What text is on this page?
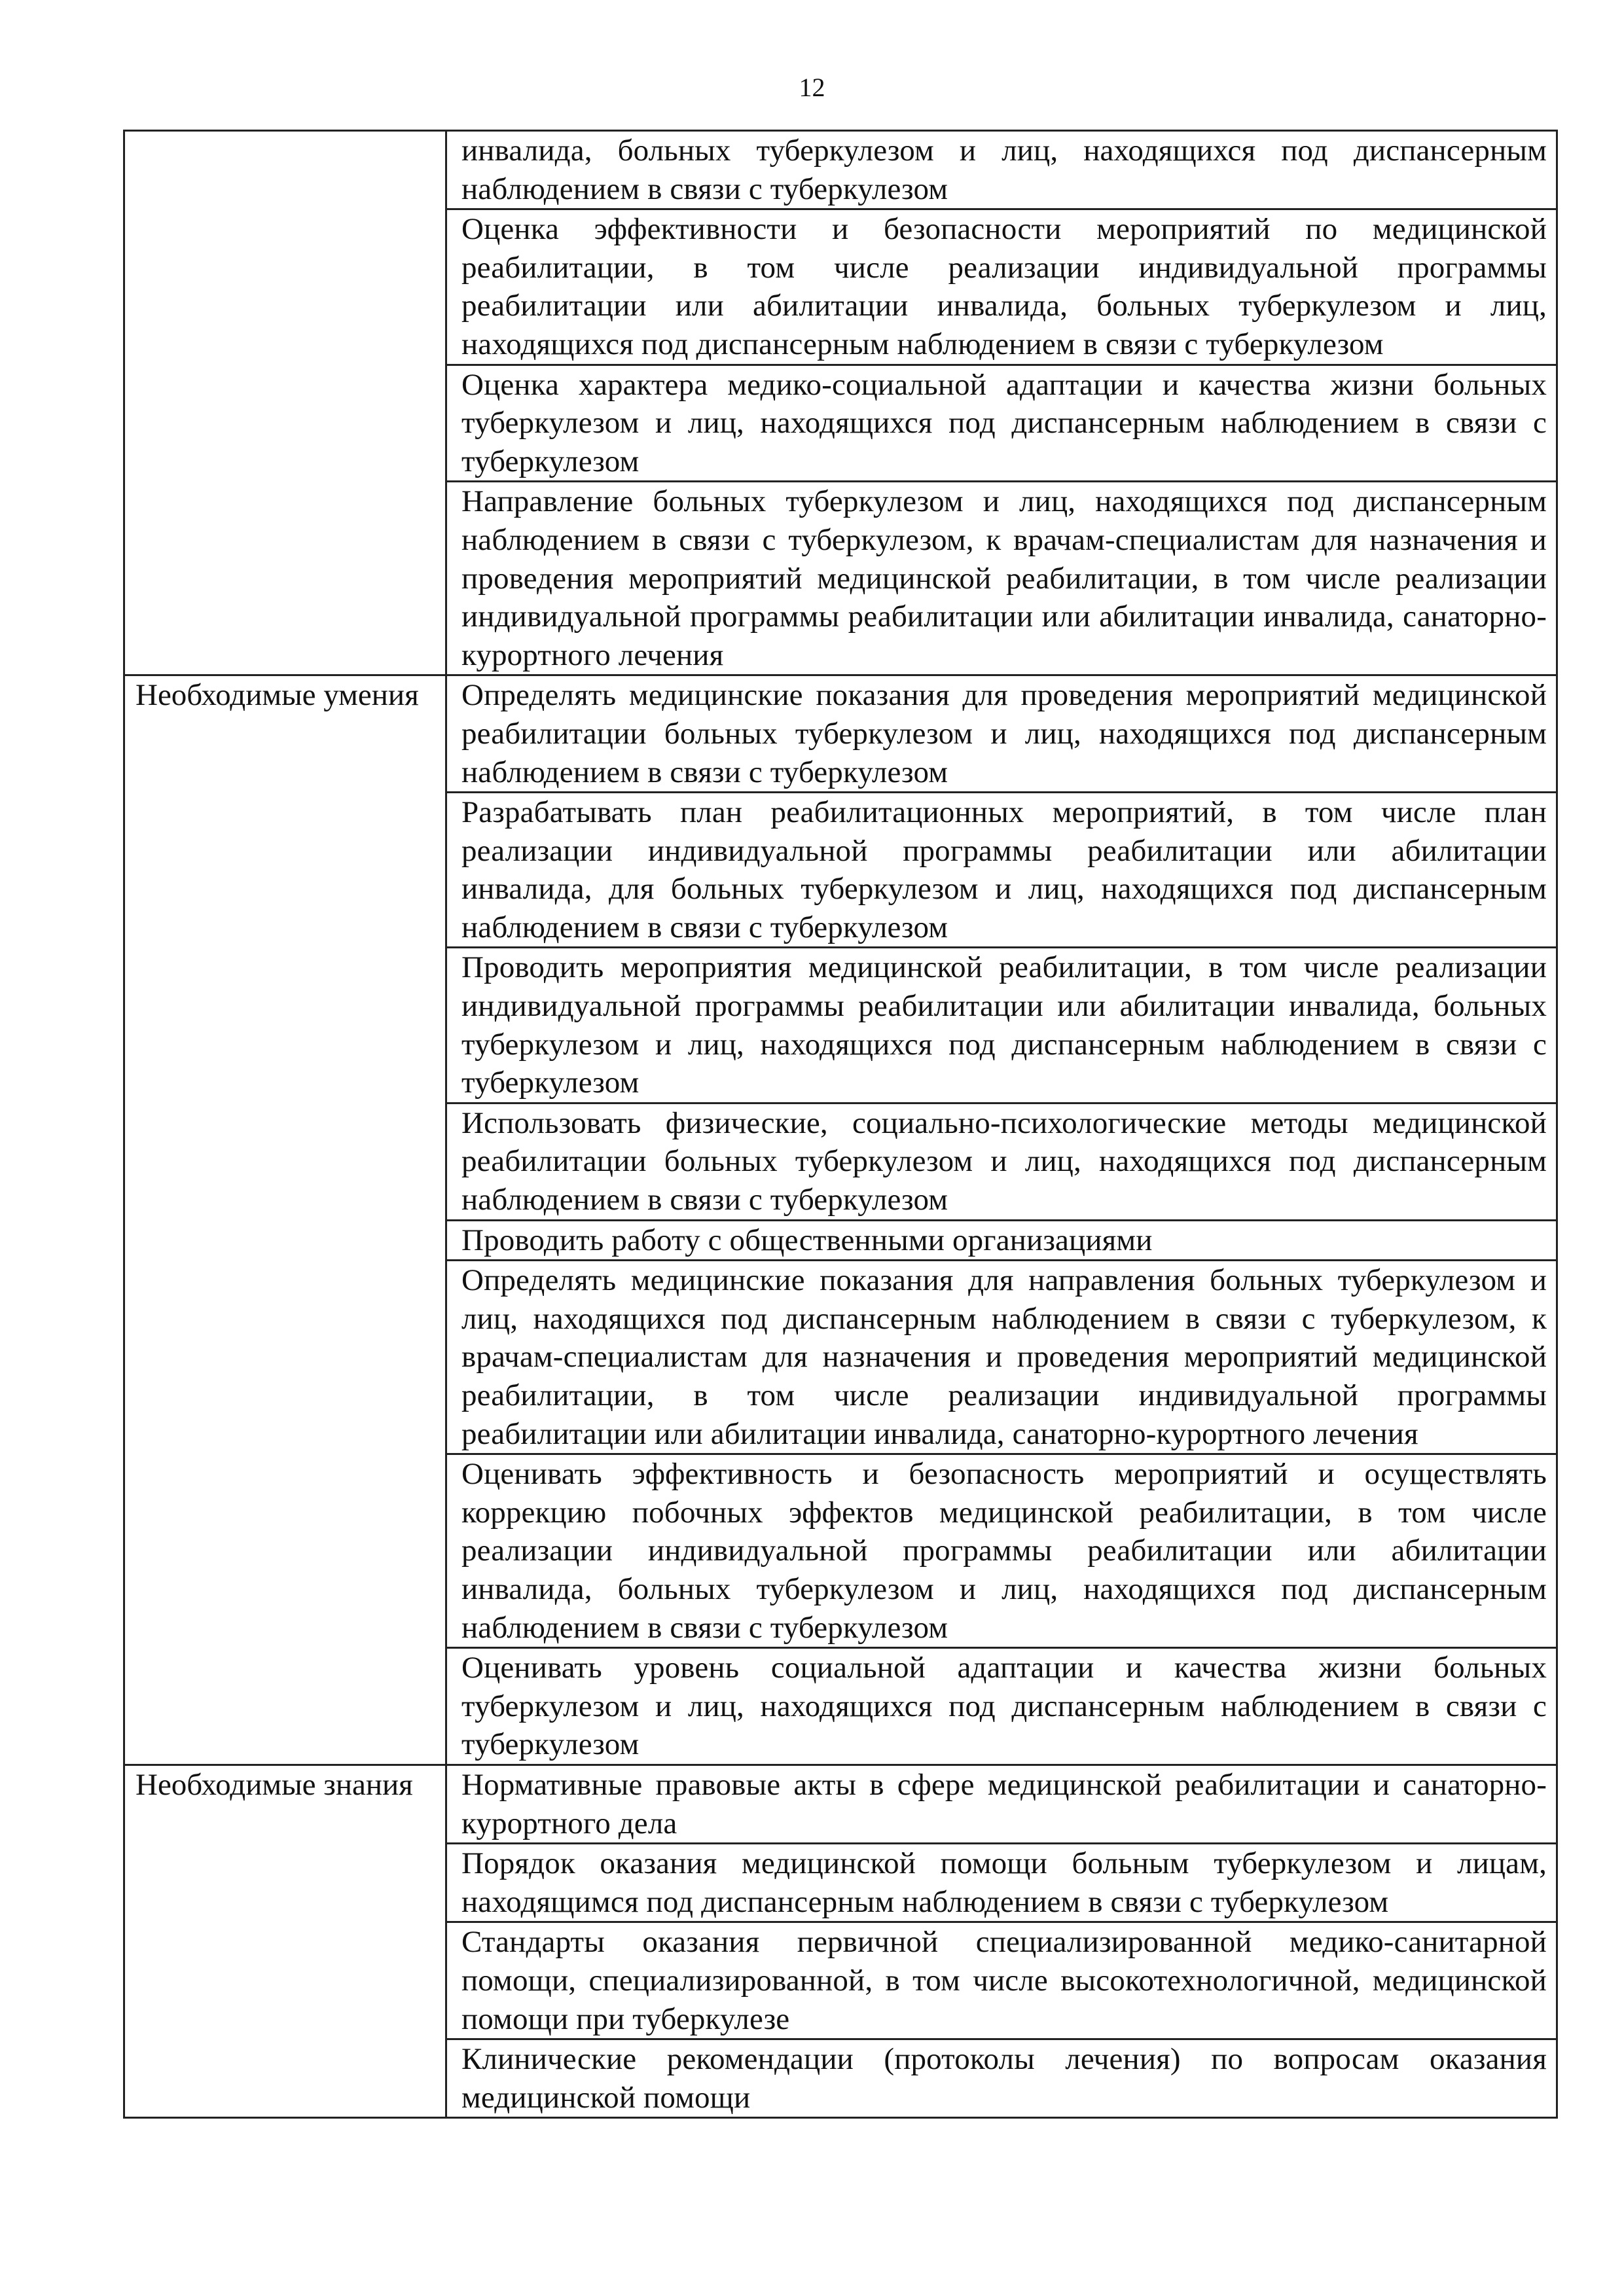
12
	инвалида, больных туберкулезом и лиц, находящихся под диспансерным наблюдением в связи с туберкулезом
	Оценка эффективности и безопасности мероприятий по медицинской реабилитации, в том числе реализации индивидуальной программы реабилитации или абилитации инвалида, больных туберкулезом и лиц, находящихся под диспансерным наблюдением в связи с туберкулезом
	Оценка характера медико-социальной адаптации и качества жизни больных туберкулезом и лиц, находящихся под диспансерным наблюдением в связи с туберкулезом
	Направление больных туберкулезом и лиц, находящихся под диспансерным наблюдением в связи с туберкулезом, к врачам-специалистам для назначения и проведения мероприятий медицинской реабилитации, в том числе реализации индивидуальной программы реабилитации или абилитации инвалида, санаторно-курортного лечения
Необходимые умения	Определять медицинские показания для проведения мероприятий медицинской реабилитации больных туберкулезом и лиц, находящихся под диспансерным наблюдением в связи с туберкулезом
	Разрабатывать план реабилитационных мероприятий, в том числе план реализации индивидуальной программы реабилитации или абилитации инвалида, для больных туберкулезом и лиц, находящихся под диспансерным наблюдением в связи с туберкулезом
	Проводить мероприятия медицинской реабилитации, в том числе реализации индивидуальной программы реабилитации или абилитации инвалида, больных туберкулезом и лиц, находящихся под диспансерным наблюдением в связи с туберкулезом
	Использовать физические, социально-психологические методы медицинской реабилитации больных туберкулезом и лиц, находящихся под диспансерным наблюдением в связи с туберкулезом
	Проводить работу с общественными организациями
	Определять медицинские показания для направления больных туберкулезом и лиц, находящихся под диспансерным наблюдением в связи с туберкулезом, к врачам-специалистам для назначения и проведения мероприятий медицинской реабилитации, в том числе реализации индивидуальной программы реабилитации или абилитации инвалида, санаторно-курортного лечения
	Оценивать эффективность и безопасность мероприятий и осуществлять коррекцию побочных эффектов медицинской реабилитации, в том числе реализации индивидуальной программы реабилитации или абилитации инвалида, больных туберкулезом и лиц, находящихся под диспансерным наблюдением в связи с туберкулезом
	Оценивать уровень социальной адаптации и качества жизни больных туберкулезом и лиц, находящихся под диспансерным наблюдением в связи с туберкулезом
Необходимые знания	Нормативные правовые акты в сфере медицинской реабилитации и санаторно-курортного дела
	Порядок оказания медицинской помощи больным туберкулезом и лицам, находящимся под диспансерным наблюдением в связи с туберкулезом
	Стандарты оказания первичной специализированной медико-санитарной помощи, специализированной, в том числе высокотехнологичной, медицинской помощи при туберкулезе
	Клинические рекомендации (протоколы лечения) по вопросам оказания медицинской помощи
